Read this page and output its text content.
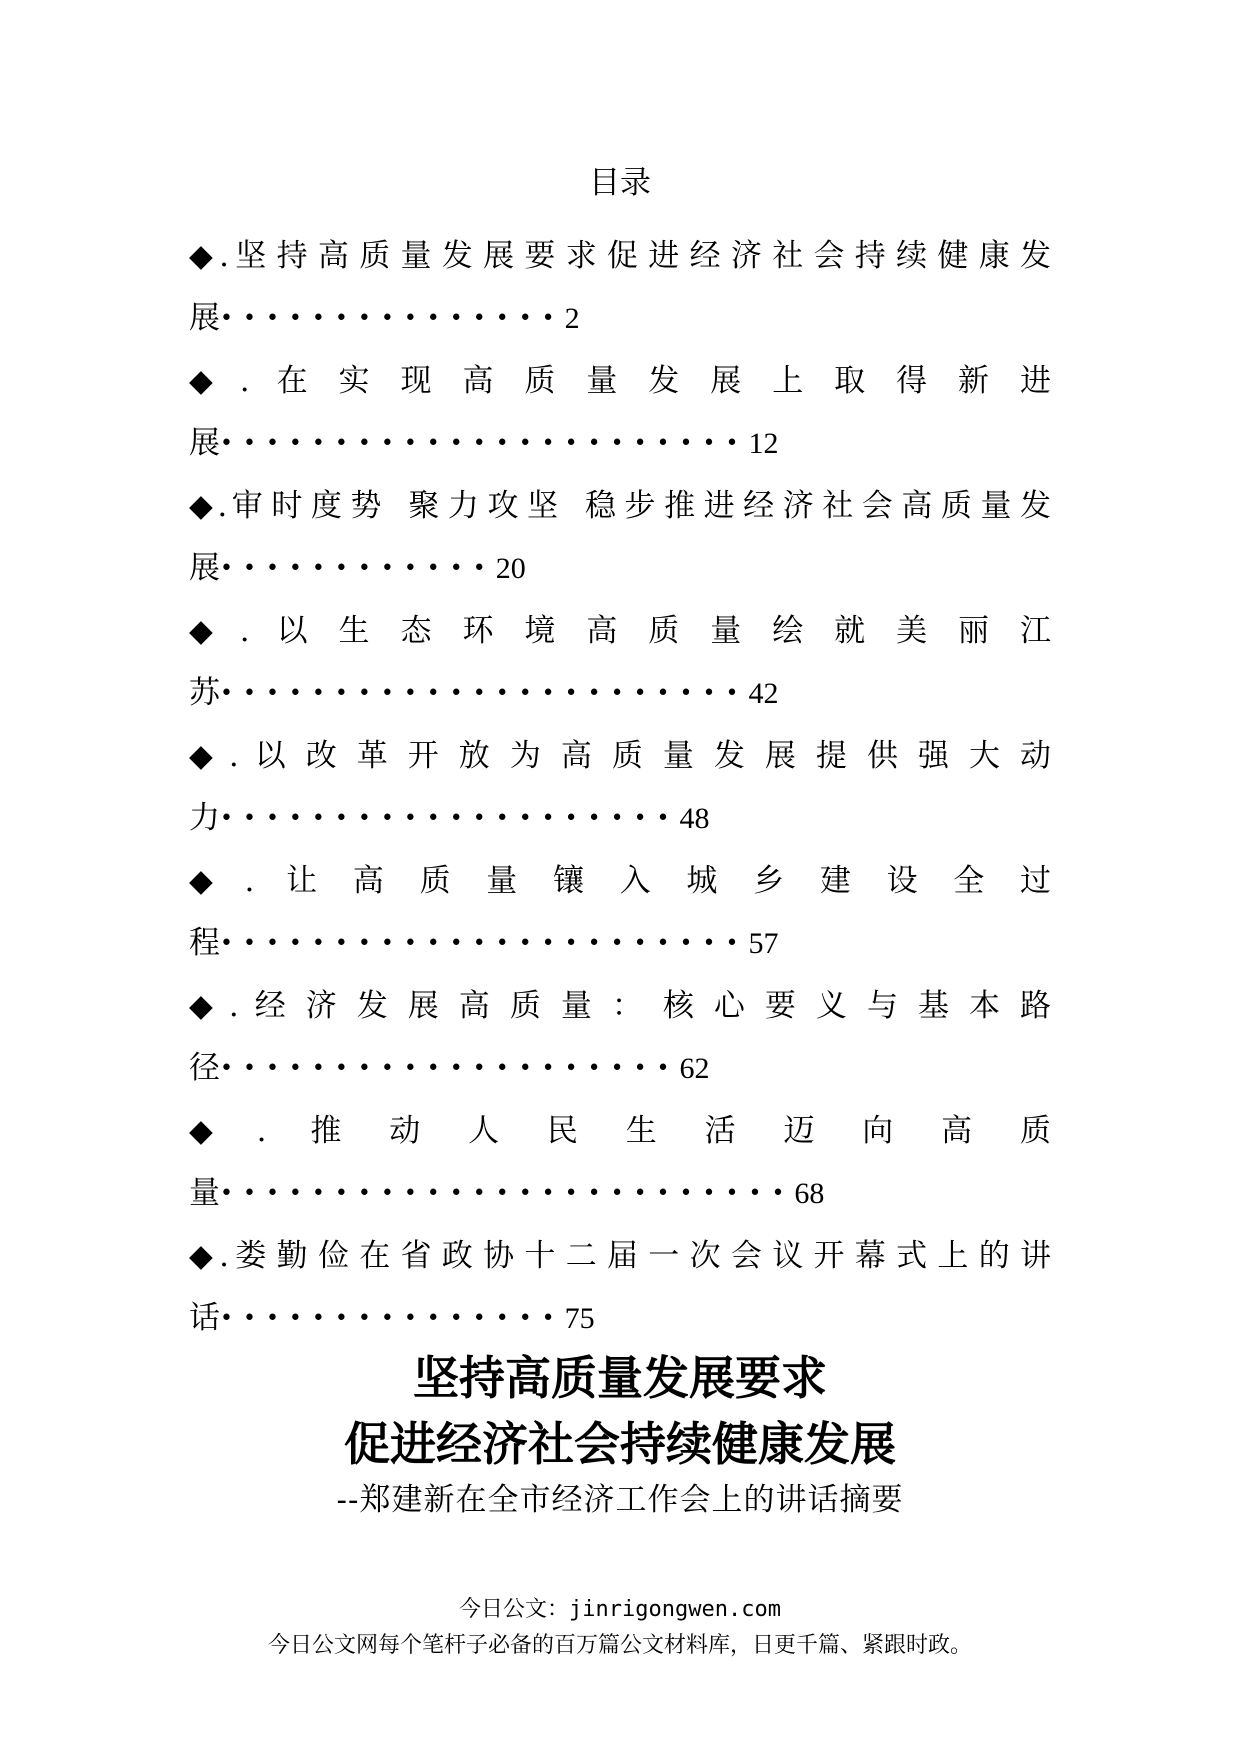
目录
◆.坚持高质量发展要求促进经济社会持续健康发
展•••••••••••••••2
◆.在实现高质量发展上取得新进
展•••••••••••••••••••••••12
◆.审时度势 聚力攻坚 稳步推进经济社会高质量发
展••••••••••••20
◆.以生态环境高质量绘就美丽江
苏•••••••••••••••••••••••42
◆.以改革开放为高质量发展提供强大动
力••••••••••••••••••••48
◆.让高质量镶入城乡建设全过
程•••••••••••••••••••••••57
◆.经济发展高质量：核心要义与基本路
径••••••••••••••••••••62
◆.推动人民生活迈向高质
量•••••••••••••••••••••••••68
◆.娄勤俭在省政协十二届一次会议开幕式上的讲
话•••••••••••••••75
坚持高质量发展要求
促进经济社会持续健康发展
--郑建新在全市经济工作会上的讲话摘要
今日公文：jinrigongwen.com
今日公文网每个笔杆子必备的百万篇公文材料库，日更千篇、紧跟时政。
